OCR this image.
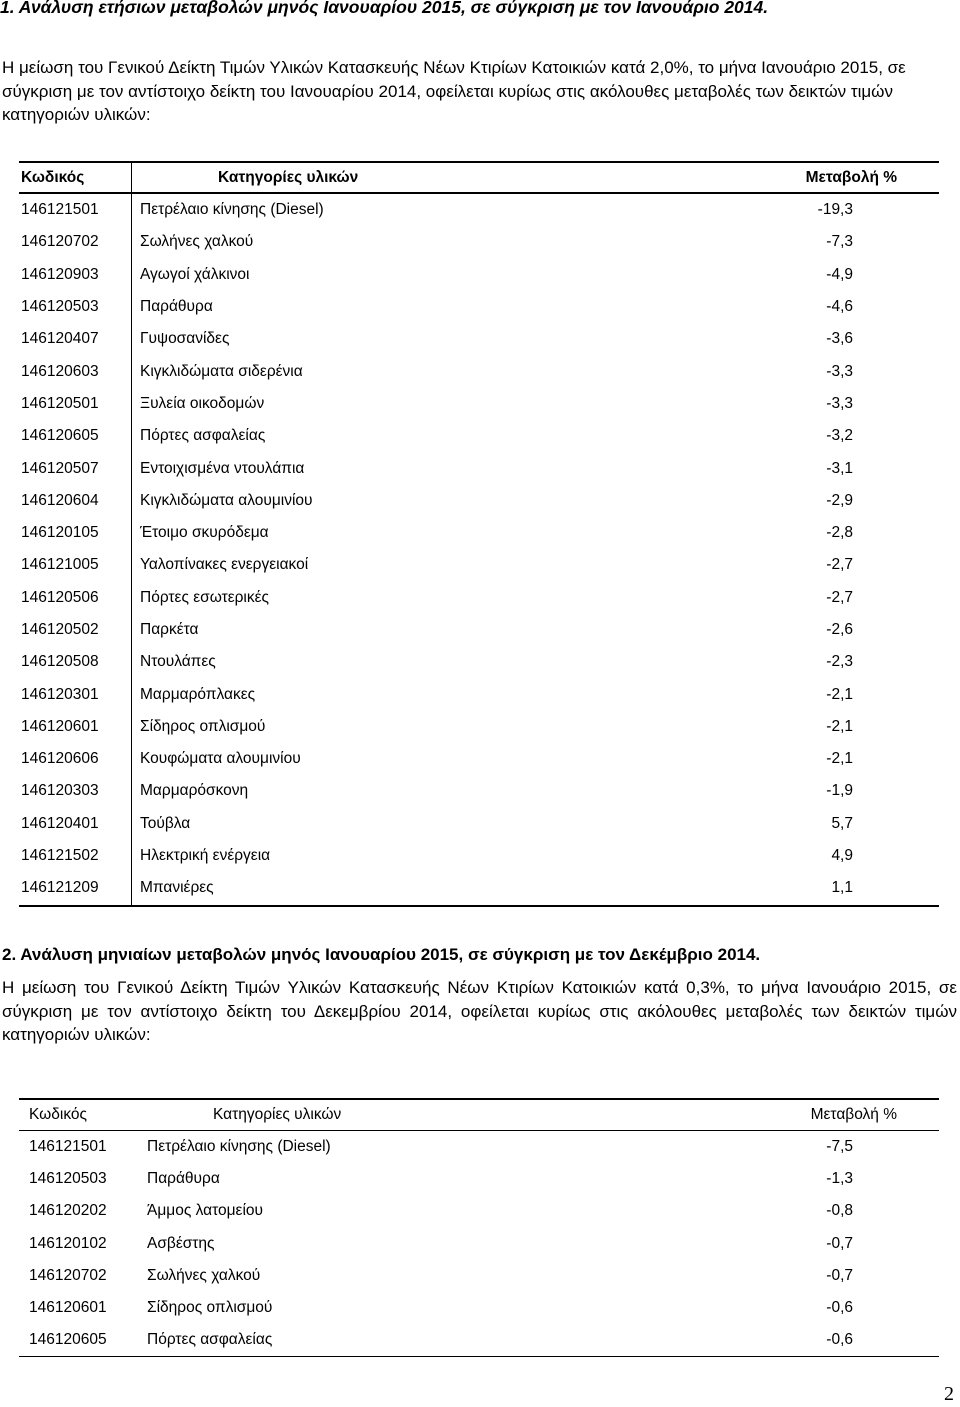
1. Ανάλυση ετήσιων μεταβολών μηνός Ιανουαρίου 2015, σε σύγκριση με τον Ιανουάριο 2014.
Η μείωση του Γενικού Δείκτη Τιμών Υλικών Κατασκευής Νέων Κτιρίων Κατοικιών κατά 2,0%, το μήνα Ιανουάριο 2015, σε σύγκριση με τον αντίστοιχο δείκτη του Ιανουαρίου 2014, οφείλεται κυρίως στις ακόλουθες μεταβολές των δεικτών τιμών κατηγοριών υλικών:
Κωδικός	Κατηγορίες υλικών	Μεταβολή %
146121501	Πετρέλαιο κίνησης (Diesel)	-19,3
146120702	Σωλήνες χαλκού	-7,3
146120903	Αγωγοί χάλκινοι	-4,9
146120503	Παράθυρα	-4,6
146120407	Γυψοσανίδες	-3,6
146120603	Κιγκλιδώματα σιδερένια	-3,3
146120501	Ξυλεία οικοδομών	-3,3
146120605	Πόρτες ασφαλείας	-3,2
146120507	Εντοιχισμένα ντουλάπια	-3,1
146120604	Κιγκλιδώματα αλουμινίου	-2,9
146120105	Έτοιμο σκυρόδεμα	-2,8
146121005	Υαλοπίνακες ενεργειακοί	-2,7
146120506	Πόρτες εσωτερικές	-2,7
146120502	Παρκέτα	-2,6
146120508	Ντουλάπες	-2,3
146120301	Μαρμαρόπλακες	-2,1
146120601	Σίδηρος οπλισμού	-2,1
146120606	Κουφώματα αλουμινίου	-2,1
146120303	Μαρμαρόσκονη	-1,9
146120401	Τούβλα	5,7
146121502	Ηλεκτρική ενέργεια	4,9
146121209	Μπανιέρες	1,1
2. Ανάλυση μηνιαίων μεταβολών μηνός Ιανουαρίου 2015, σε σύγκριση με τον Δεκέμβριο 2014.
Η μείωση του Γενικού Δείκτη Τιμών Υλικών Κατασκευής Νέων Κτιρίων Κατοικιών κατά 0,3%, το μήνα Ιανουάριο 2015, σε σύγκριση με τον αντίστοιχο δείκτη του Δεκεμβρίου 2014, οφείλεται κυρίως στις ακόλουθες μεταβολές των δεικτών τιμών κατηγοριών υλικών:
Κωδικός	Κατηγορίες υλικών	Μεταβολή %
146121501	Πετρέλαιο κίνησης (Diesel)	-7,5
146120503	Παράθυρα	-1,3
146120202	Άμμος λατομείου	-0,8
146120102	Ασβέστης	-0,7
146120702	Σωλήνες χαλκού	-0,7
146120601	Σίδηρος οπλισμού	-0,6
146120605	Πόρτες ασφαλείας	-0,6
2
